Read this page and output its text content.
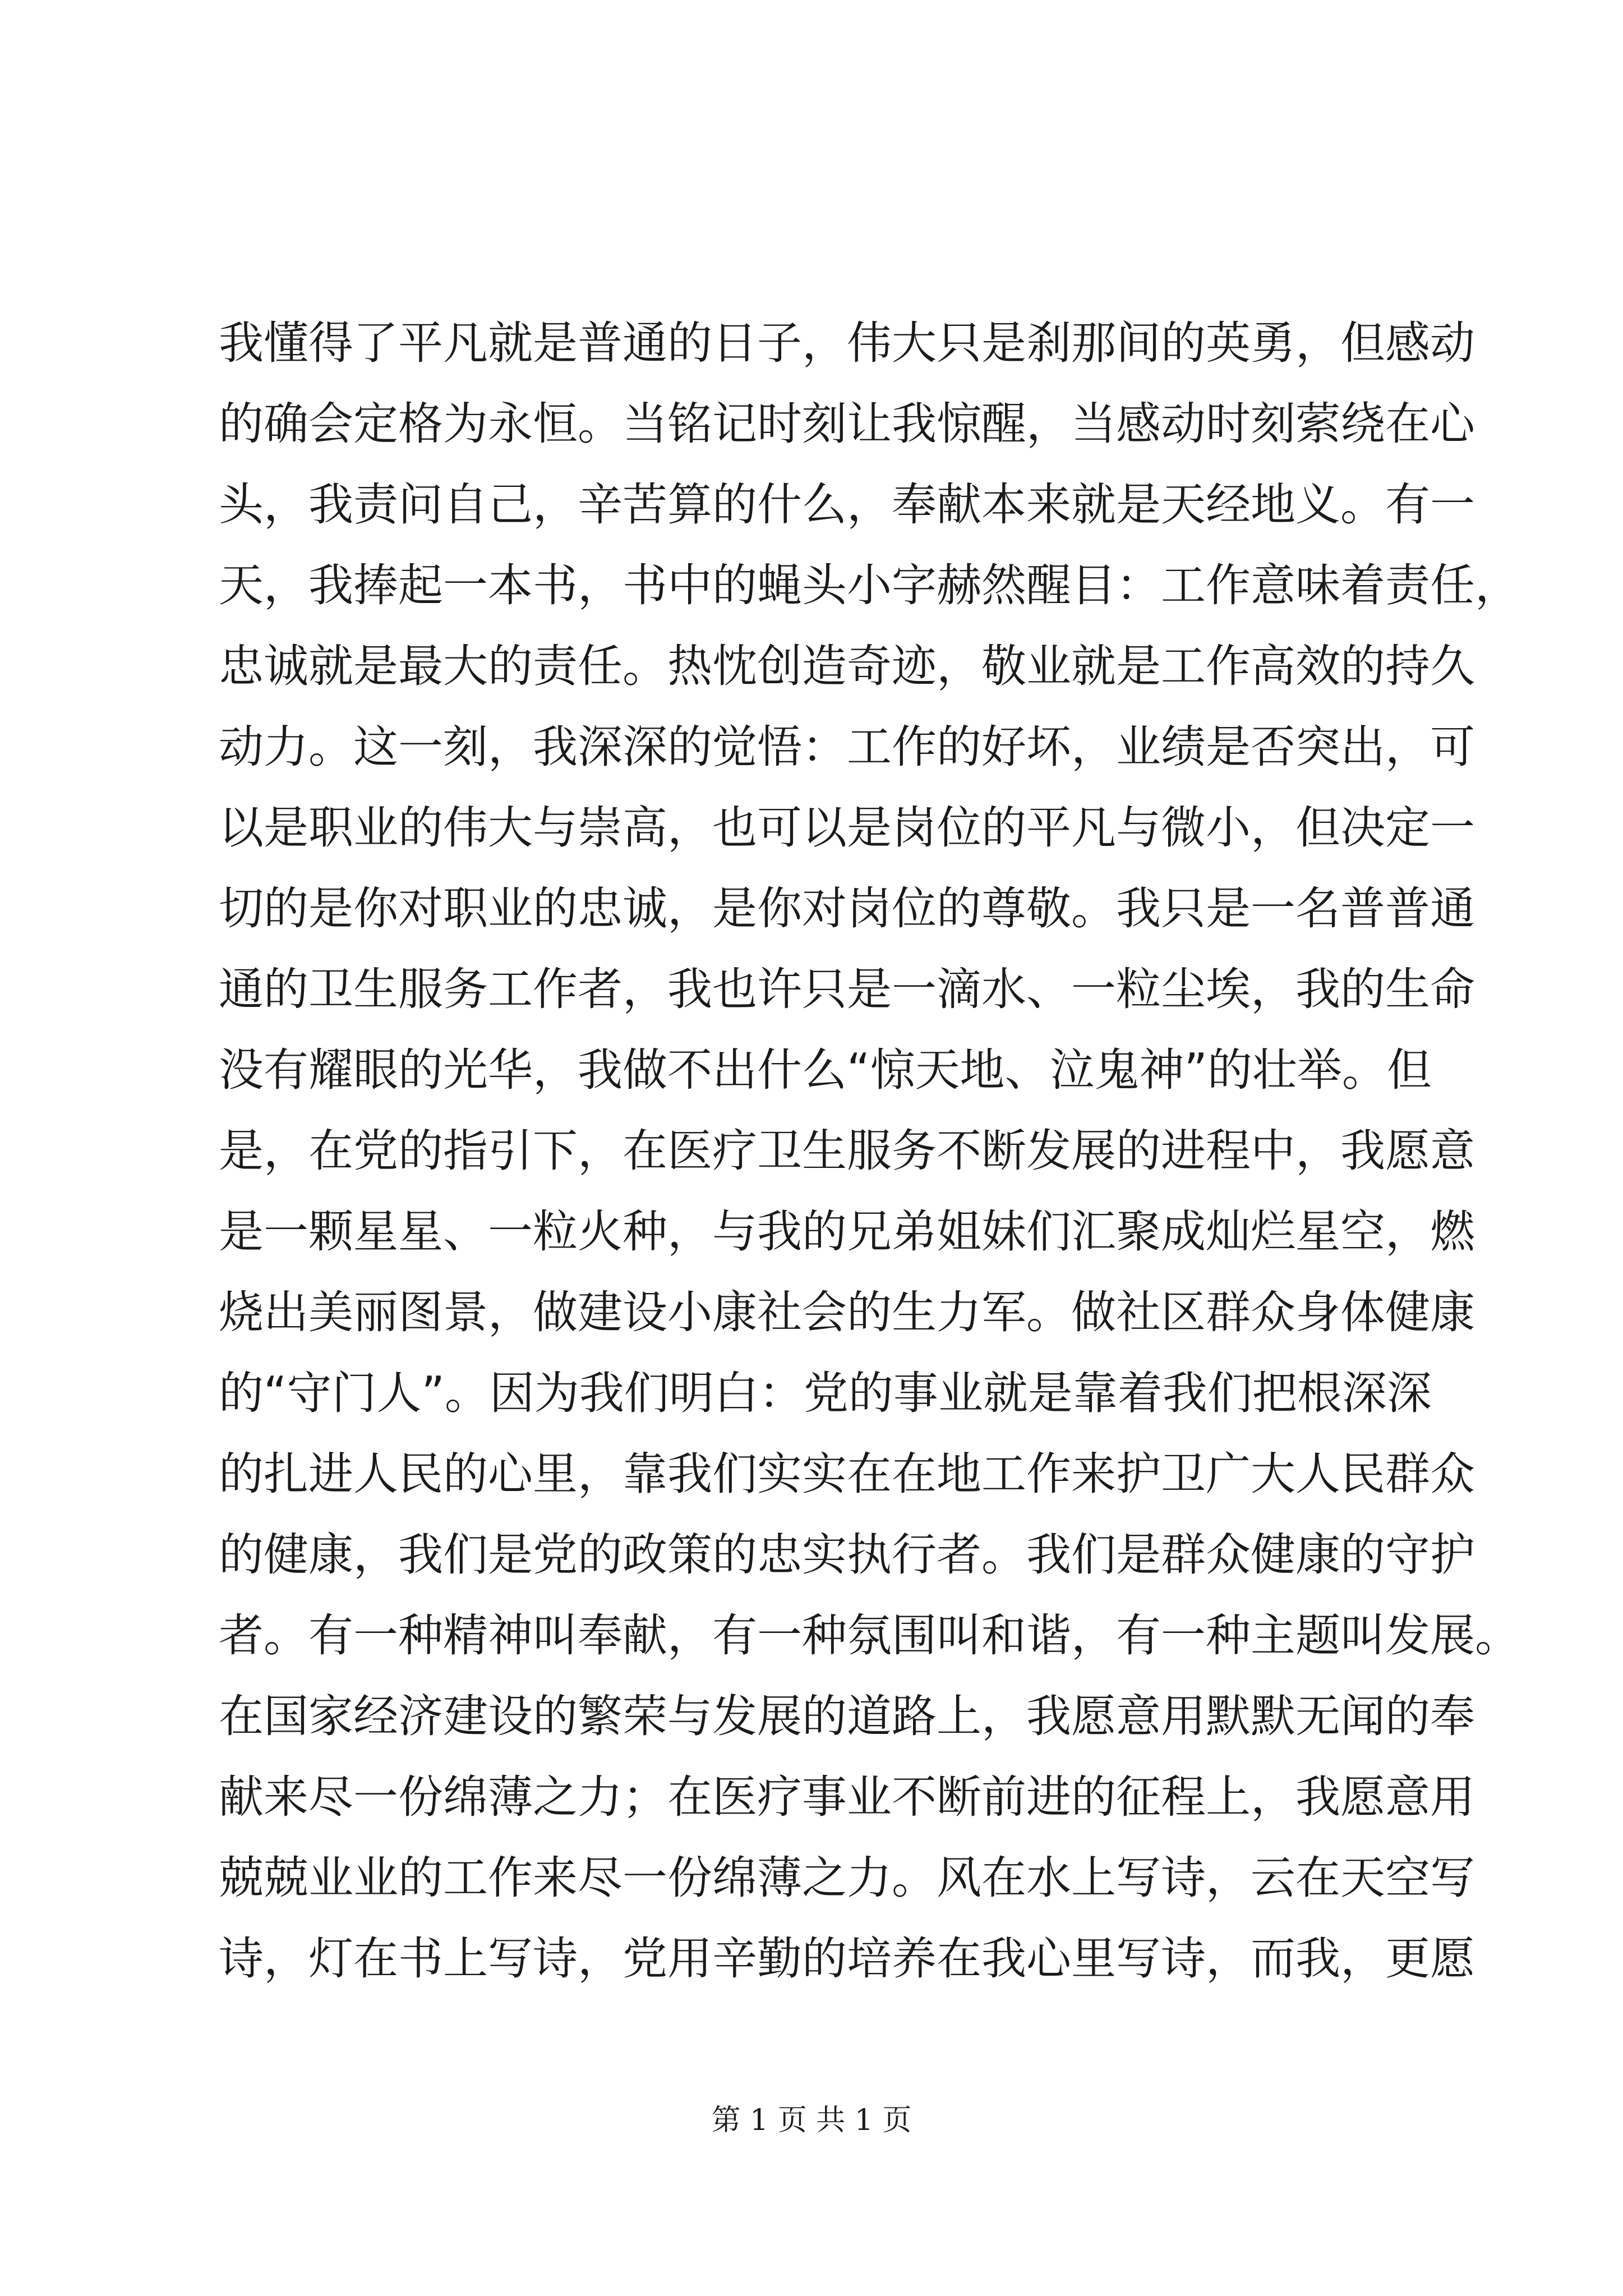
我懂得了平凡就是普通的日子，伟大只是刹那间的英勇，但感动
的确会定格为永恒。当铭记时刻让我惊醒，当感动时刻萦绕在心
头，我责问自己，辛苦算的什么，奉献本来就是天经地义。有一
天，我捧起一本书，书中的蝇头小字赫然醒目：工作意味着责任，
忠诚就是最大的责任。热忱创造奇迹，敬业就是工作高效的持久
动力。这一刻，我深深的觉悟：工作的好坏，业绩是否突出，可
以是职业的伟大与崇高，也可以是岗位的平凡与微小，但决定一
切的是你对职业的忠诚，是你对岗位的尊敬。我只是一名普普通
通的卫生服务工作者，我也许只是一滴水、一粒尘埃，我的生命
没有耀眼的光华，我做不出什么“惊天地、泣鬼神”的壮举。但
是，在党的指引下，在医疗卫生服务不断发展的进程中，我愿意
是一颗星星、一粒火种，与我的兄弟姐妹们汇聚成灿烂星空，燃
烧出美丽图景，做建设小康社会的生力军。做社区群众身体健康
的“守门人”。因为我们明白：党的事业就是靠着我们把根深深
的扎进人民的心里，靠我们实实在在地工作来护卫广大人民群众
的健康，我们是党的政策的忠实执行者。我们是群众健康的守护
者。有一种精神叫奉献，有一种氛围叫和谐，有一种主题叫发展。
在国家经济建设的繁荣与发展的道路上，我愿意用默默无闻的奉
献来尽一份绵薄之力；在医疗事业不断前进的征程上，我愿意用
兢兢业业的工作来尽一份绵薄之力。风在水上写诗，云在天空写
诗，灯在书上写诗，党用辛勤的培养在我心里写诗，而我，更愿
第 1 页 共 1 页
